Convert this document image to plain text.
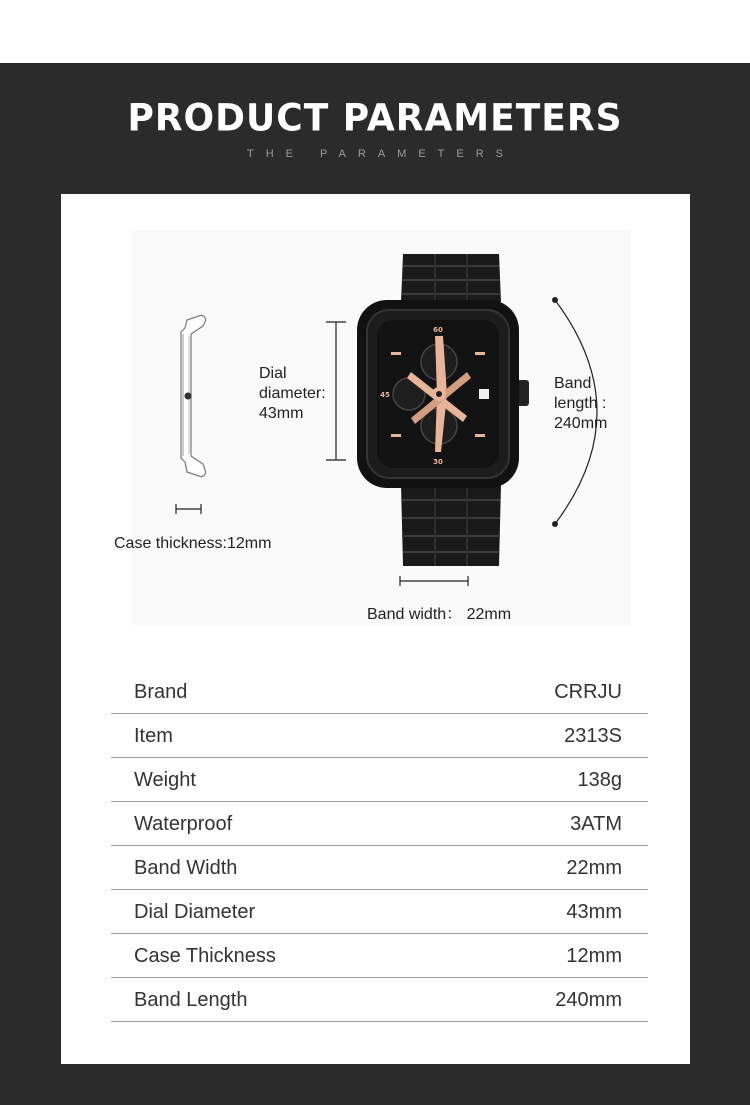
PRODUCT PARAMETERS
THE PARAMETERS
Case thickness:12mm
Dial
diameter:
43mm
60
30
45
Band
length :
240mm
Band width： 22mm
Brand	CRRJU
Item	2313S
Weight	138g
Waterproof	3ATM
Band Width	22mm
Dial Diameter	43mm
Case Thickness	12mm
Band Length	240mm
